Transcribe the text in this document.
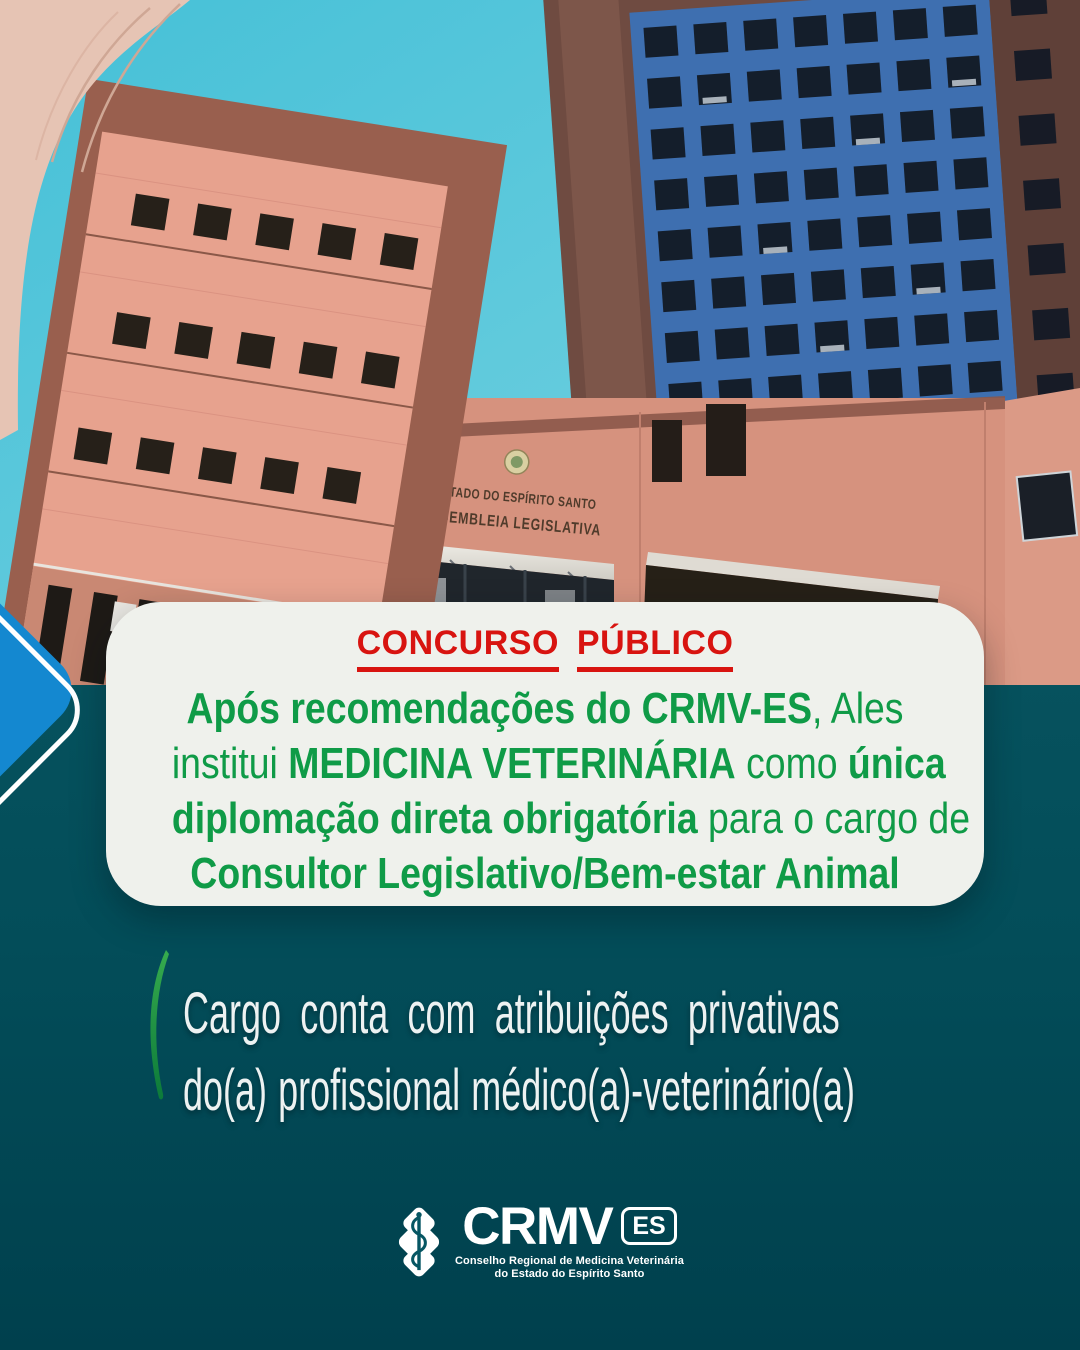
ESTADO DO ESPÍRITO SANTO
ASSEMBLEIA LEGISLATIVA
CONCURSO PÚBLICO
Após recomendações do CRMV-ES, Ales
institui MEDICINA VETERINÁRIA como única
diplomação direta obrigatória para o cargo de
Consultor Legislativo/Bem-estar Animal
Cargo conta com atribuições privativas
do(a) profissional médico(a)-veterinário(a)
CRMV ES
Conselho Regional de Medicina Veterinária
do Estado do Espírito Santo
